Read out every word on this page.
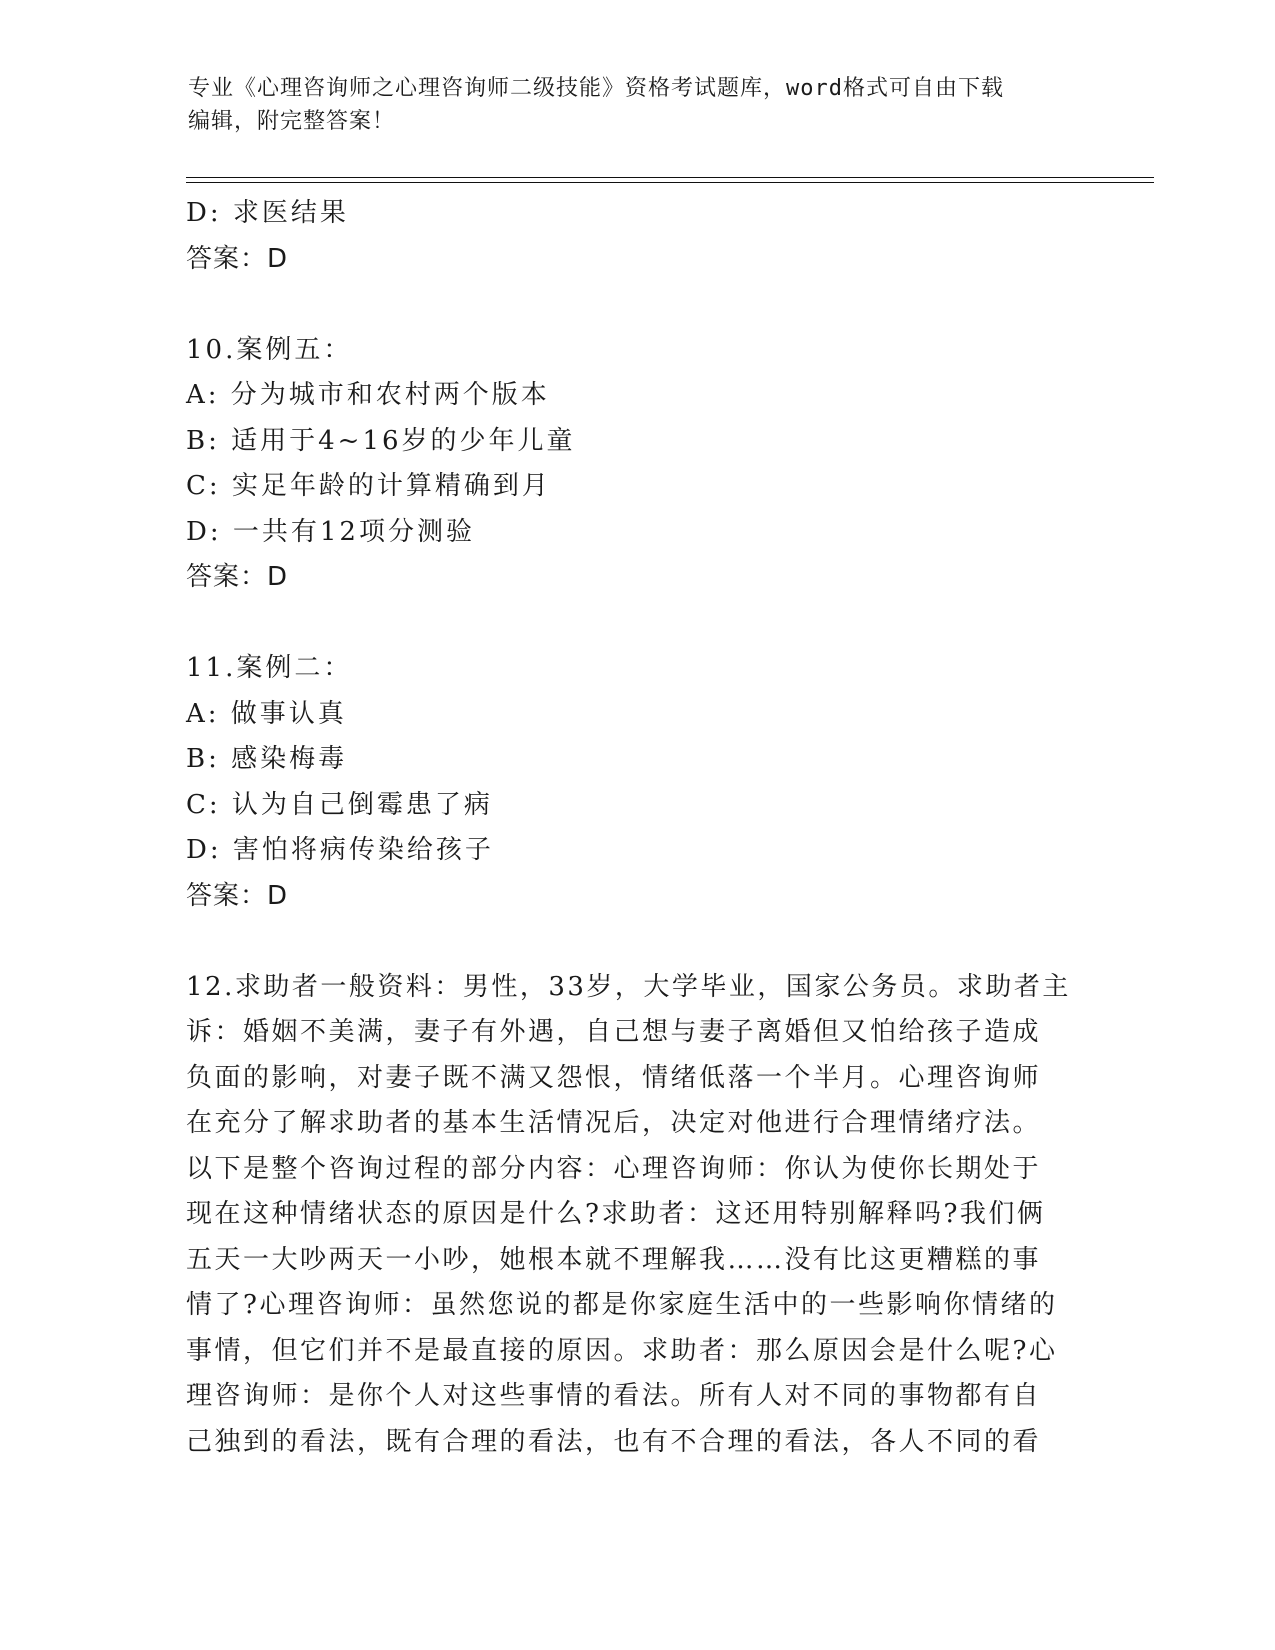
专业《心理咨询师之心理咨询师二级技能》资格考试题库，word格式可自由下载
编辑，附完整答案！
D: 求医结果
答案：D
10.案例五：
A: 分为城市和农村两个版本
B: 适用于4~16岁的少年儿童
C: 实足年龄的计算精确到月
D: 一共有12项分测验
答案：D
11.案例二：
A: 做事认真
B: 感染梅毒
C: 认为自己倒霉患了病
D: 害怕将病传染给孩子
答案：D
12.求助者一般资料：男性，33岁，大学毕业，国家公务员。求助者主
诉：婚姻不美满，妻子有外遇，自己想与妻子离婚但又怕给孩子造成
负面的影响，对妻子既不满又怨恨，情绪低落一个半月。心理咨询师
在充分了解求助者的基本生活情况后，决定对他进行合理情绪疗法。
以下是整个咨询过程的部分内容：心理咨询师：你认为使你长期处于
现在这种情绪状态的原因是什么?求助者：这还用特别解释吗?我们俩
五天一大吵两天一小吵，她根本就不理解我……没有比这更糟糕的事
情了?心理咨询师：虽然您说的都是你家庭生活中的一些影响你情绪的
事情，但它们并不是最直接的原因。求助者：那么原因会是什么呢?心
理咨询师：是你个人对这些事情的看法。所有人对不同的事物都有自
己独到的看法，既有合理的看法，也有不合理的看法，各人不同的看
